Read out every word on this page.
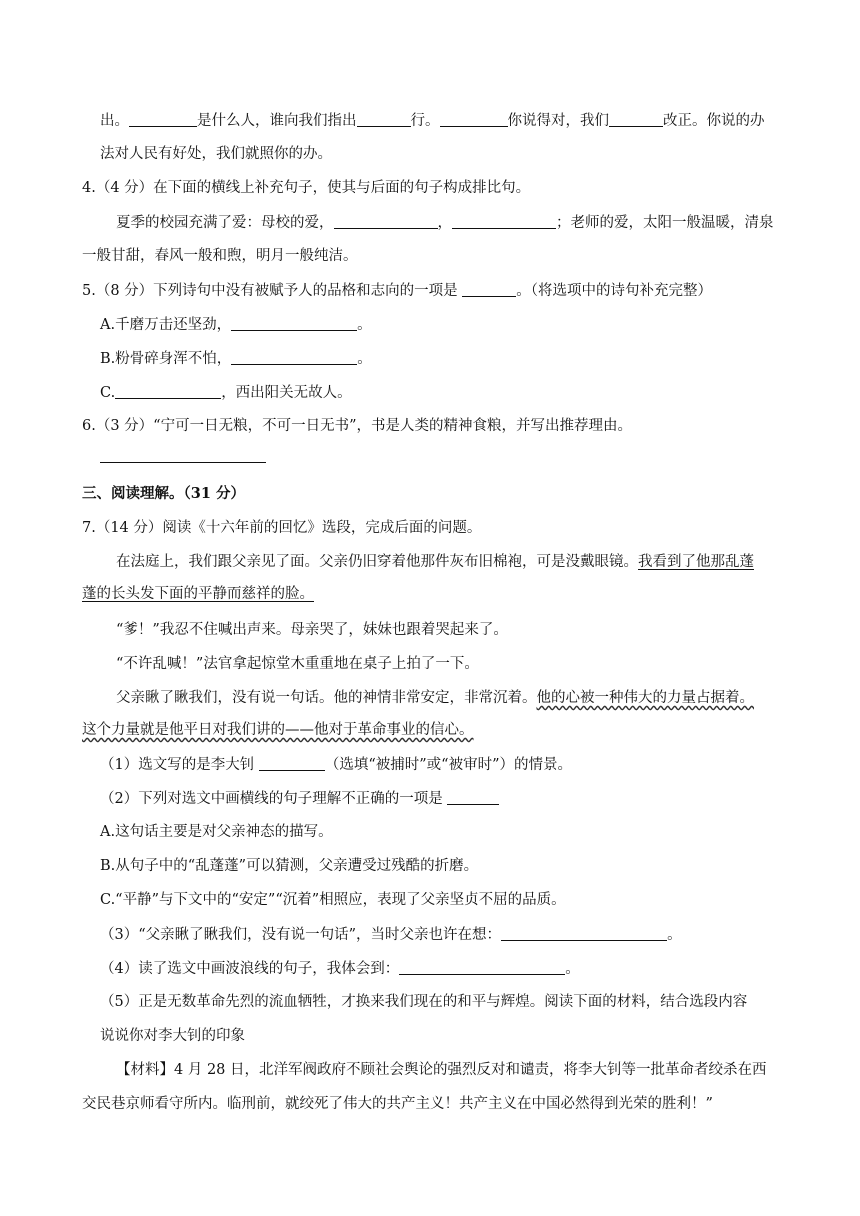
出。	是什么人，谁向我们指出	行。	你说得对，我们	改正。你说的办
法对人民有好处，我们就照你的办。
4.（4 分）在下面的横线上补充句子，使其与后面的句子构成排比句。
夏季的校园充满了爱：母校的爱，	，	；老师的爱，太阳一般温暖，清泉
一般甘甜，春风一般和煦，明月一般纯洁。
5.（8 分）下列诗句中没有被赋予人的品格和志向的一项是	。（将选项中的诗句补充完整）
A.千磨万击还坚劲，	。
B.粉骨碎身浑不怕，	。
C.	，西出阳关无故人。
6.（3 分）“宁可一日无粮，不可一日无书”，书是人类的精神食粮，并写出推荐理由。
三、阅读理解。（31 分）
7.（14 分）阅读《十六年前的回忆》选段，完成后面的问题。
在法庭上，我们跟父亲见了面。父亲仍旧穿着他那件灰布旧棉袍，可是没戴眼镜。我看到了他那乱蓬
蓬的长头发下面的平静而慈祥的脸。
“爹！”我忍不住喊出声来。母亲哭了，妹妹也跟着哭起来了。
“不许乱喊！”法官拿起惊堂木重重地在桌子上拍了一下。
父亲瞅了瞅我们，没有说一句话。他的神情非常安定，非常沉着。他的心被一种伟大的力量占据着。
这个力量就是他平日对我们讲的——他对于革命事业的信心。
（1）选文写的是李大钊	（选填“被捕时”或“被审时”）的情景。
（2）下列对选文中画横线的句子理解不正确的一项是
A.这句话主要是对父亲神态的描写。
B.从句子中的“乱蓬蓬”可以猜测，父亲遭受过残酷的折磨。
C.“平静”与下文中的“安定”“沉着”相照应，表现了父亲坚贞不屈的品质。
（3）“父亲瞅了瞅我们，没有说一句话”，当时父亲也许在想：	。
（4）读了选文中画波浪线的句子，我体会到：	。
（5）正是无数革命先烈的流血牺牲，才换来我们现在的和平与辉煌。阅读下面的材料，结合选段内容
说说你对李大钊的印象
【材料】4 月 28 日，北洋军阀政府不顾社会舆论的强烈反对和谴责，将李大钊等一批革命者绞杀在西
交民巷京师看守所内。临刑前，就绞死了伟大的共产主义！共产主义在中国必然得到光荣的胜利！”
